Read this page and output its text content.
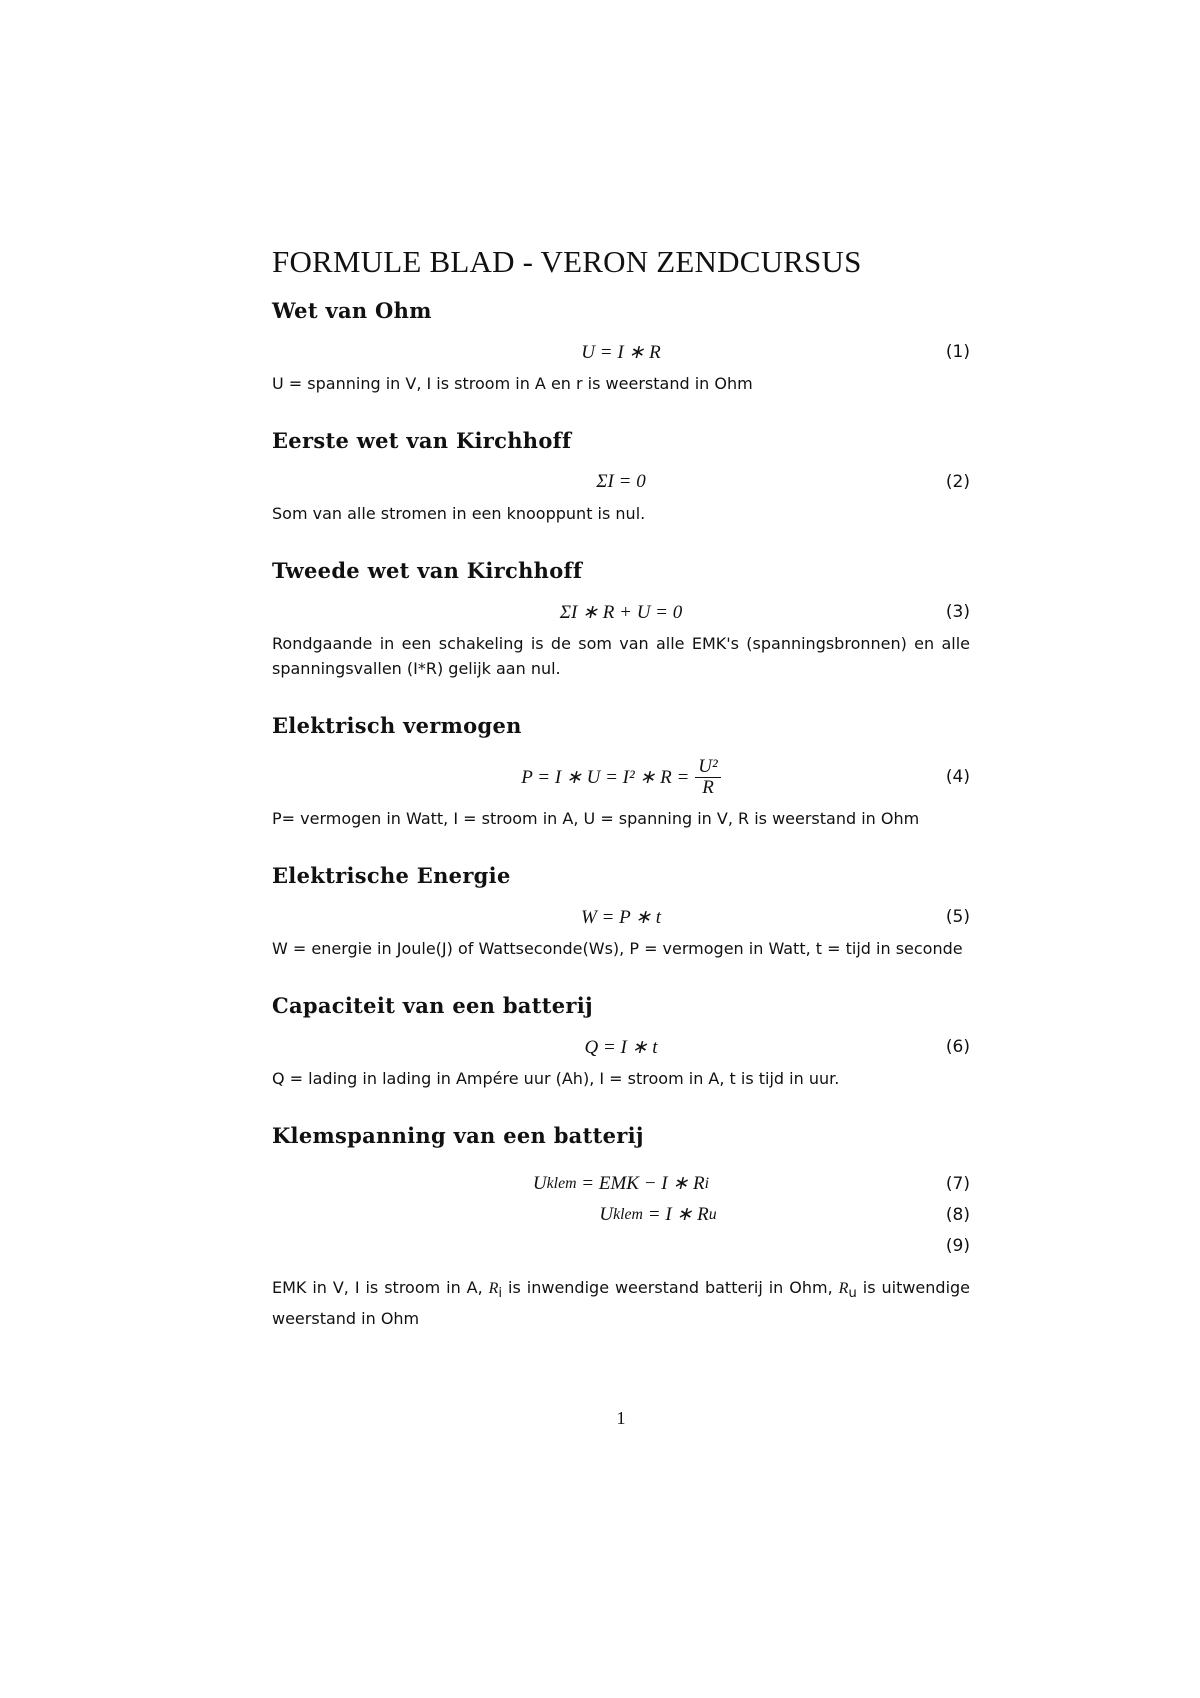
FORMULE BLAD - VERON ZENDCURSUS
Wet van Ohm
U = I ∗ R	(1)

U = spanning in V, I is stroom in A en r is weerstand in Ohm

Eerste wet van Kirchhoff
ΣI = 0	(2)

Som van alle stromen in een knooppunt is nul.

Tweede wet van Kirchhoff
ΣI ∗ R + U = 0	(3)

Rondgaande in een schakeling is de som van alle EMK's (spanningsbronnen) en alle spanningsvallen (I*R) gelijk aan nul.

Elektrisch vermogen
P = I ∗ U = I² ∗ $R = \frac{\text{U²}}{R}$	(4)

P= vermogen in Watt, I = stroom in A, U = spanning in V, R is weerstand in Ohm

Elektrische Energie
W = P ∗ t	(5)

W = energie in Joule(J) of Wattseconde(Ws), P = vermogen in Watt, t = tijd in seconde

Capaciteit van een batterij
Q = I ∗ t	(6)

Q = lading in lading in Ampére uur (Ah), I = stroom in A, t is tijd in uur.

Klemspanning van een batterij
U klem = EMK − I ∗ R i	(7)
U klem = I ∗ R u	(8)
(9)

EMK in V, I is stroom in A, $R_i$ is inwendige weerstand batterij in Ohm, $R_u$ is uitwendige weerstand in Ohm

1
